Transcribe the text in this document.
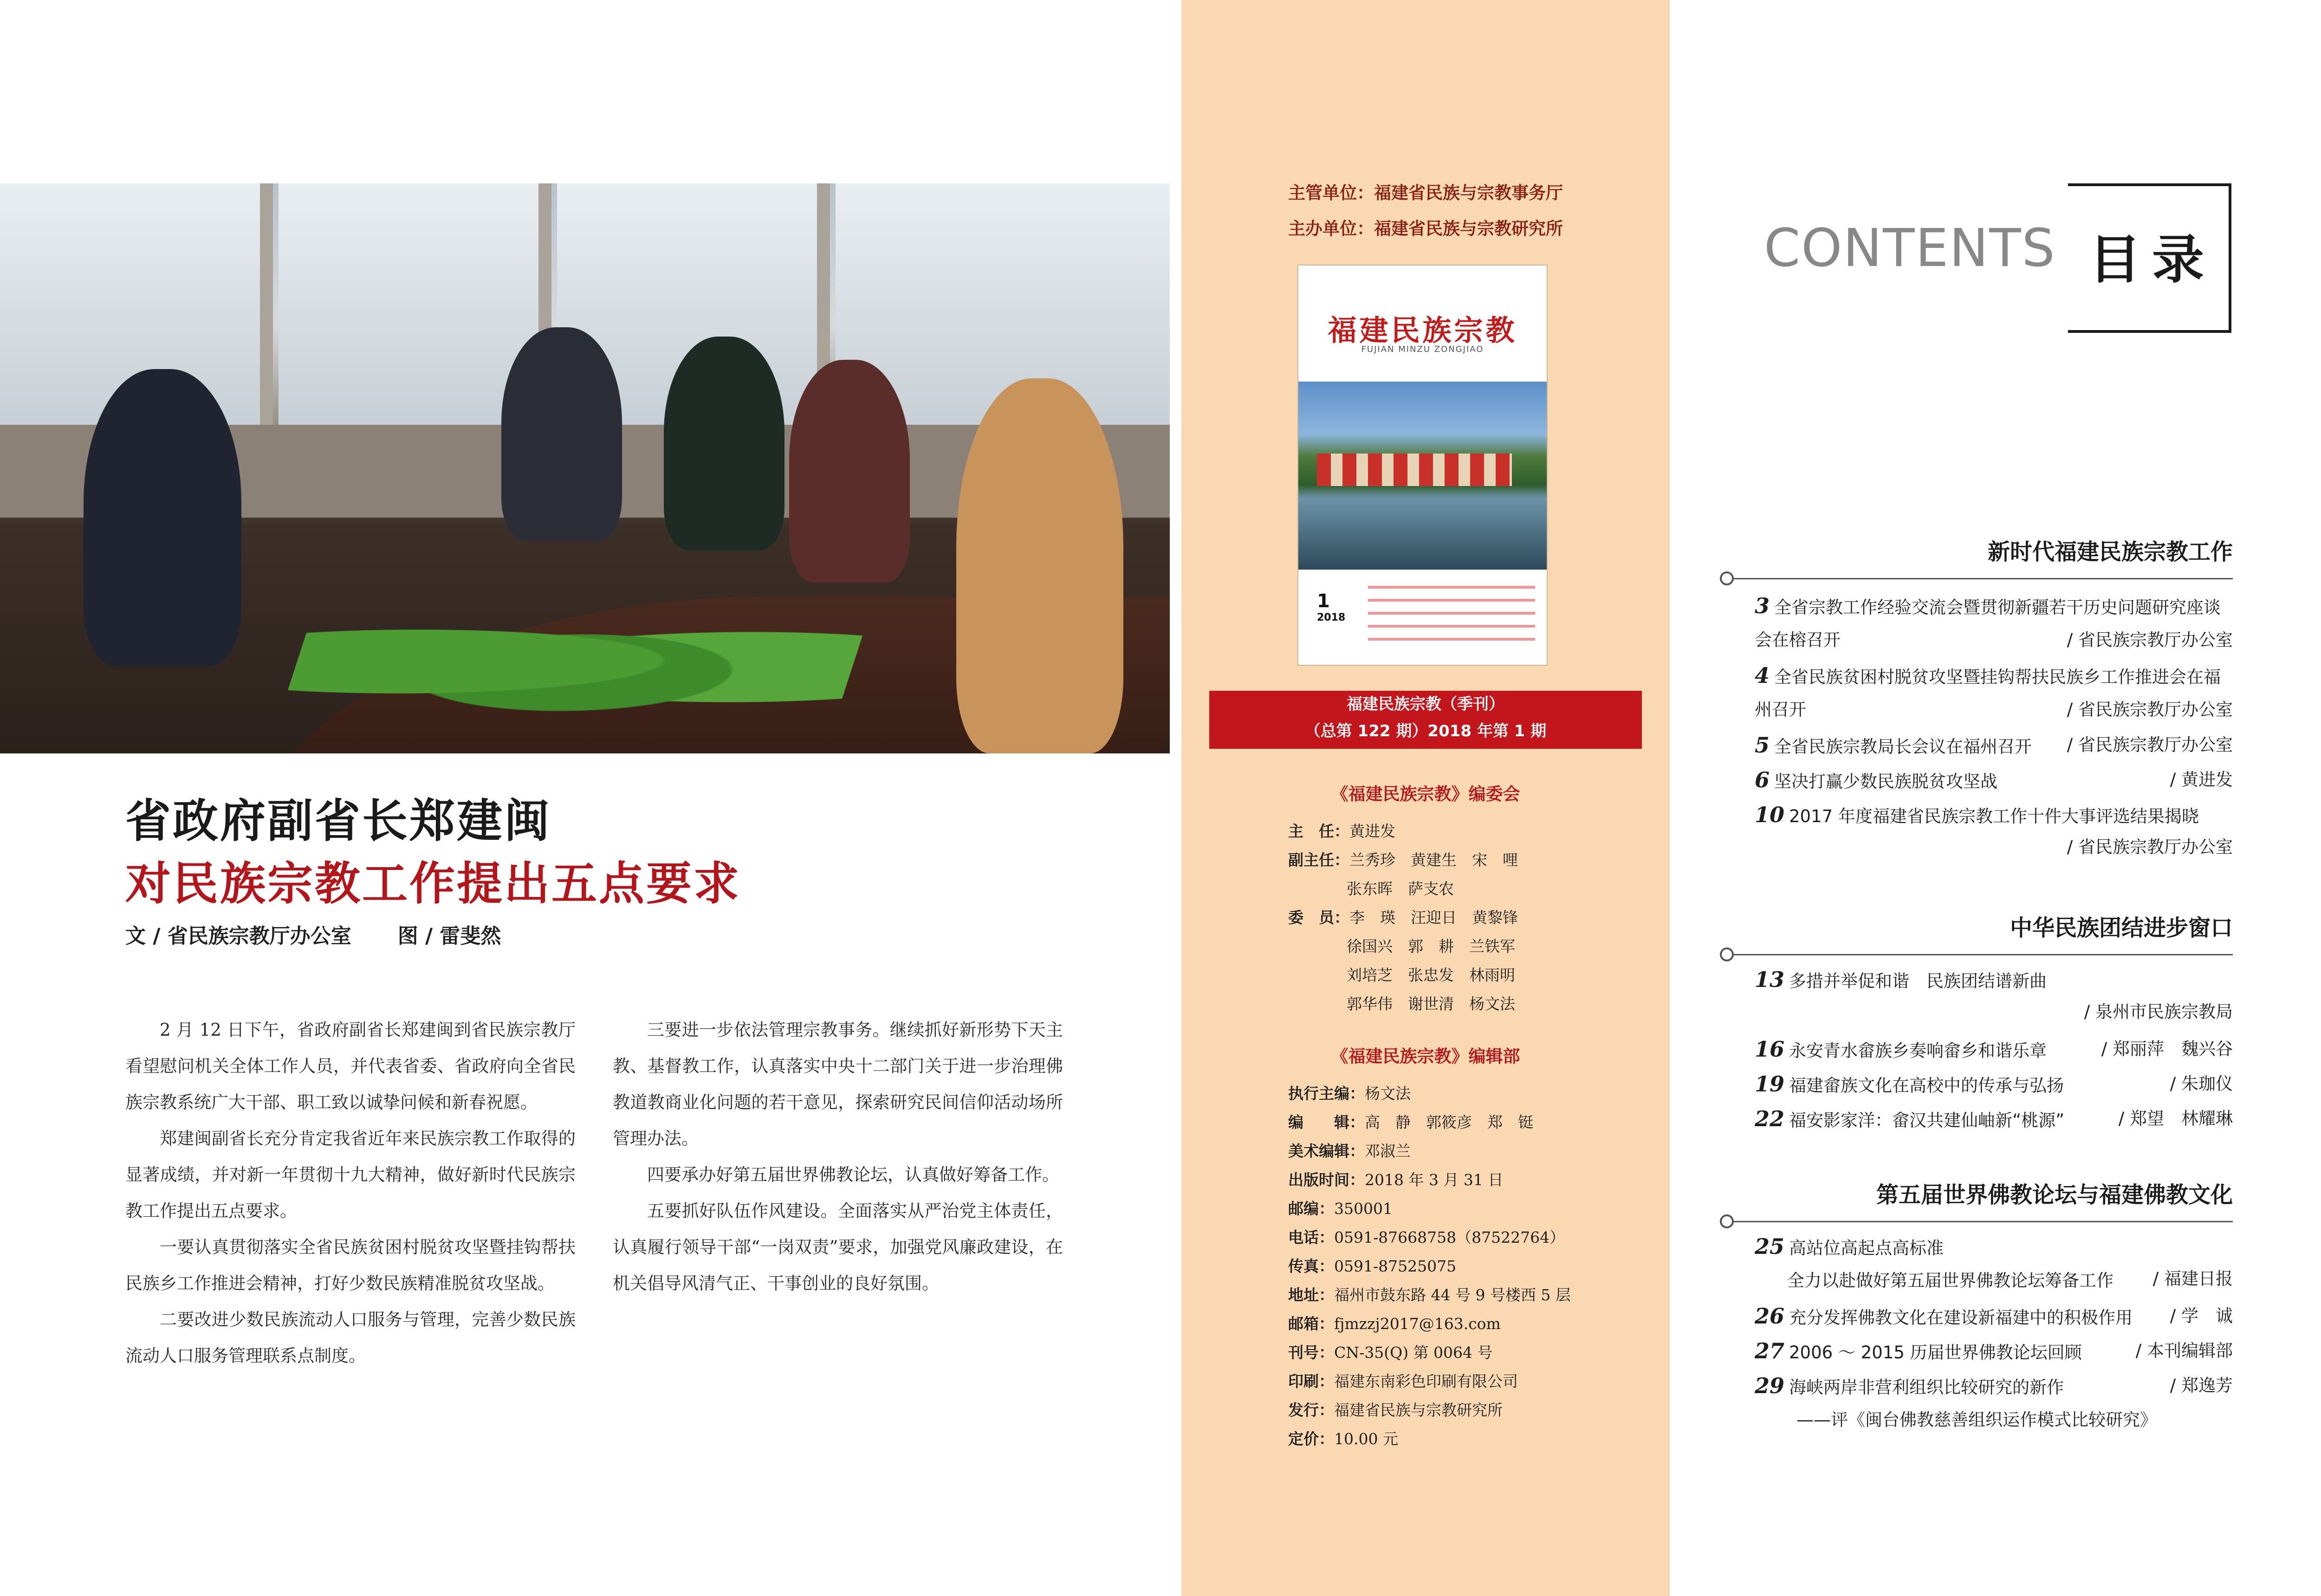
省政府副省长郑建闽
对民族宗教工作提出五点要求
文 / 省民族宗教厅办公室 图 / 雷斐然

2 月 12 日下午，省政府副省长郑建闽到省民族宗教厅看望慰问机关全体工作人员，并代表省委、省政府向全省民族宗教系统广大干部、职工致以诚挚问候和新春祝愿。

郑建闽副省长充分肯定我省近年来民族宗教工作取得的显著成绩，并对新一年贯彻十九大精神，做好新时代民族宗教工作提出五点要求。

一要认真贯彻落实全省民族贫困村脱贫攻坚暨挂钩帮扶民族乡工作推进会精神，打好少数民族精准脱贫攻坚战。

二要改进少数民族流动人口服务与管理，完善少数民族流动人口服务管理联系点制度。

三要进一步依法管理宗教事务。继续抓好新形势下天主教、基督教工作，认真落实中央十二部门关于进一步治理佛教道教商业化问题的若干意见，探索研究民间信仰活动场所管理办法。

四要承办好第五届世界佛教论坛，认真做好筹备工作。

五要抓好队伍作风建设。全面落实从严治党主体责任，认真履行领导干部“一岗双责”要求，加强党风廉政建设，在机关倡导风清气正、干事创业的良好氛围。

主管单位：福建省民族与宗教事务厅
主办单位：福建省民族与宗教研究所
福建民族宗教
FUJIAN MINZU ZONGJIAO
1
2018
福建民族宗教（季刊）
（总第 122 期）2018 年第 1 期
《福建民族宗教》编委会
主　任：黄进发
副主任：兰秀珍　黄建生　宋　哩
张东晖　萨支农
委　员：李　瑛　汪迎日　黄黎锋
徐国兴　郭　耕　兰铁军
刘培芝　张忠发　林雨明
郭华伟　谢世清　杨文法
《福建民族宗教》编辑部
执行主编：杨文法
编　　辑：高　静　郭筱彦　郑　铤
美术编辑：邓淑兰
出版时间：2018 年 3 月 31 日
邮编：350001
电话：0591-87668758（87522764）
传真：0591-87525075
地址：福州市鼓东路 44 号 9 号楼西 5 层
邮箱：fjmzzj2017@163.com
刊号：CN-35(Q) 第 0064 号
印刷：福建东南彩色印刷有限公司
发行：福建省民族与宗教研究所
定价：10.00 元
CONTENTS 目录
新时代福建民族宗教工作
3 全省宗教工作经验交流会暨贯彻新疆若干历史问题研究座谈会在榕召开	/ 省民族宗教厅办公室
4 全省民族贫困村脱贫攻坚暨挂钩帮扶民族乡工作推进会在福州召开	/ 省民族宗教厅办公室
5 全省民族宗教局长会议在福州召开 / 省民族宗教厅办公室
6 坚决打赢少数民族脱贫攻坚战	/ 黄进发
10 2017 年度福建省民族宗教工作十件大事评选结果揭晓
/ 省民族宗教厅办公室
中华民族团结进步窗口
13 多措并举促和谐　民族团结谱新曲
/ 泉州市民族宗教局
16 永安青水畲族乡奏响畲乡和谐乐章	/ 郑丽萍　魏兴谷
19 福建畲族文化在高校中的传承与弘扬	/ 朱珈仪
22 福安影家洋：畲汉共建仙岫新“桃源”	/ 郑望　林耀琳
第五届世界佛教论坛与福建佛教文化
25 高站位高起点高标准
全力以赴做好第五届世界佛教论坛筹备工作	/ 福建日报
26 充分发挥佛教文化在建设新福建中的积极作用 / 学　诚
27 2006 ～ 2015 历届世界佛教论坛回顾	/ 本刊编辑部
29 海峡两岸非营利组织比较研究的新作
——评《闽台佛教慈善组织运作模式比较研究》
/ 郑逸芳
